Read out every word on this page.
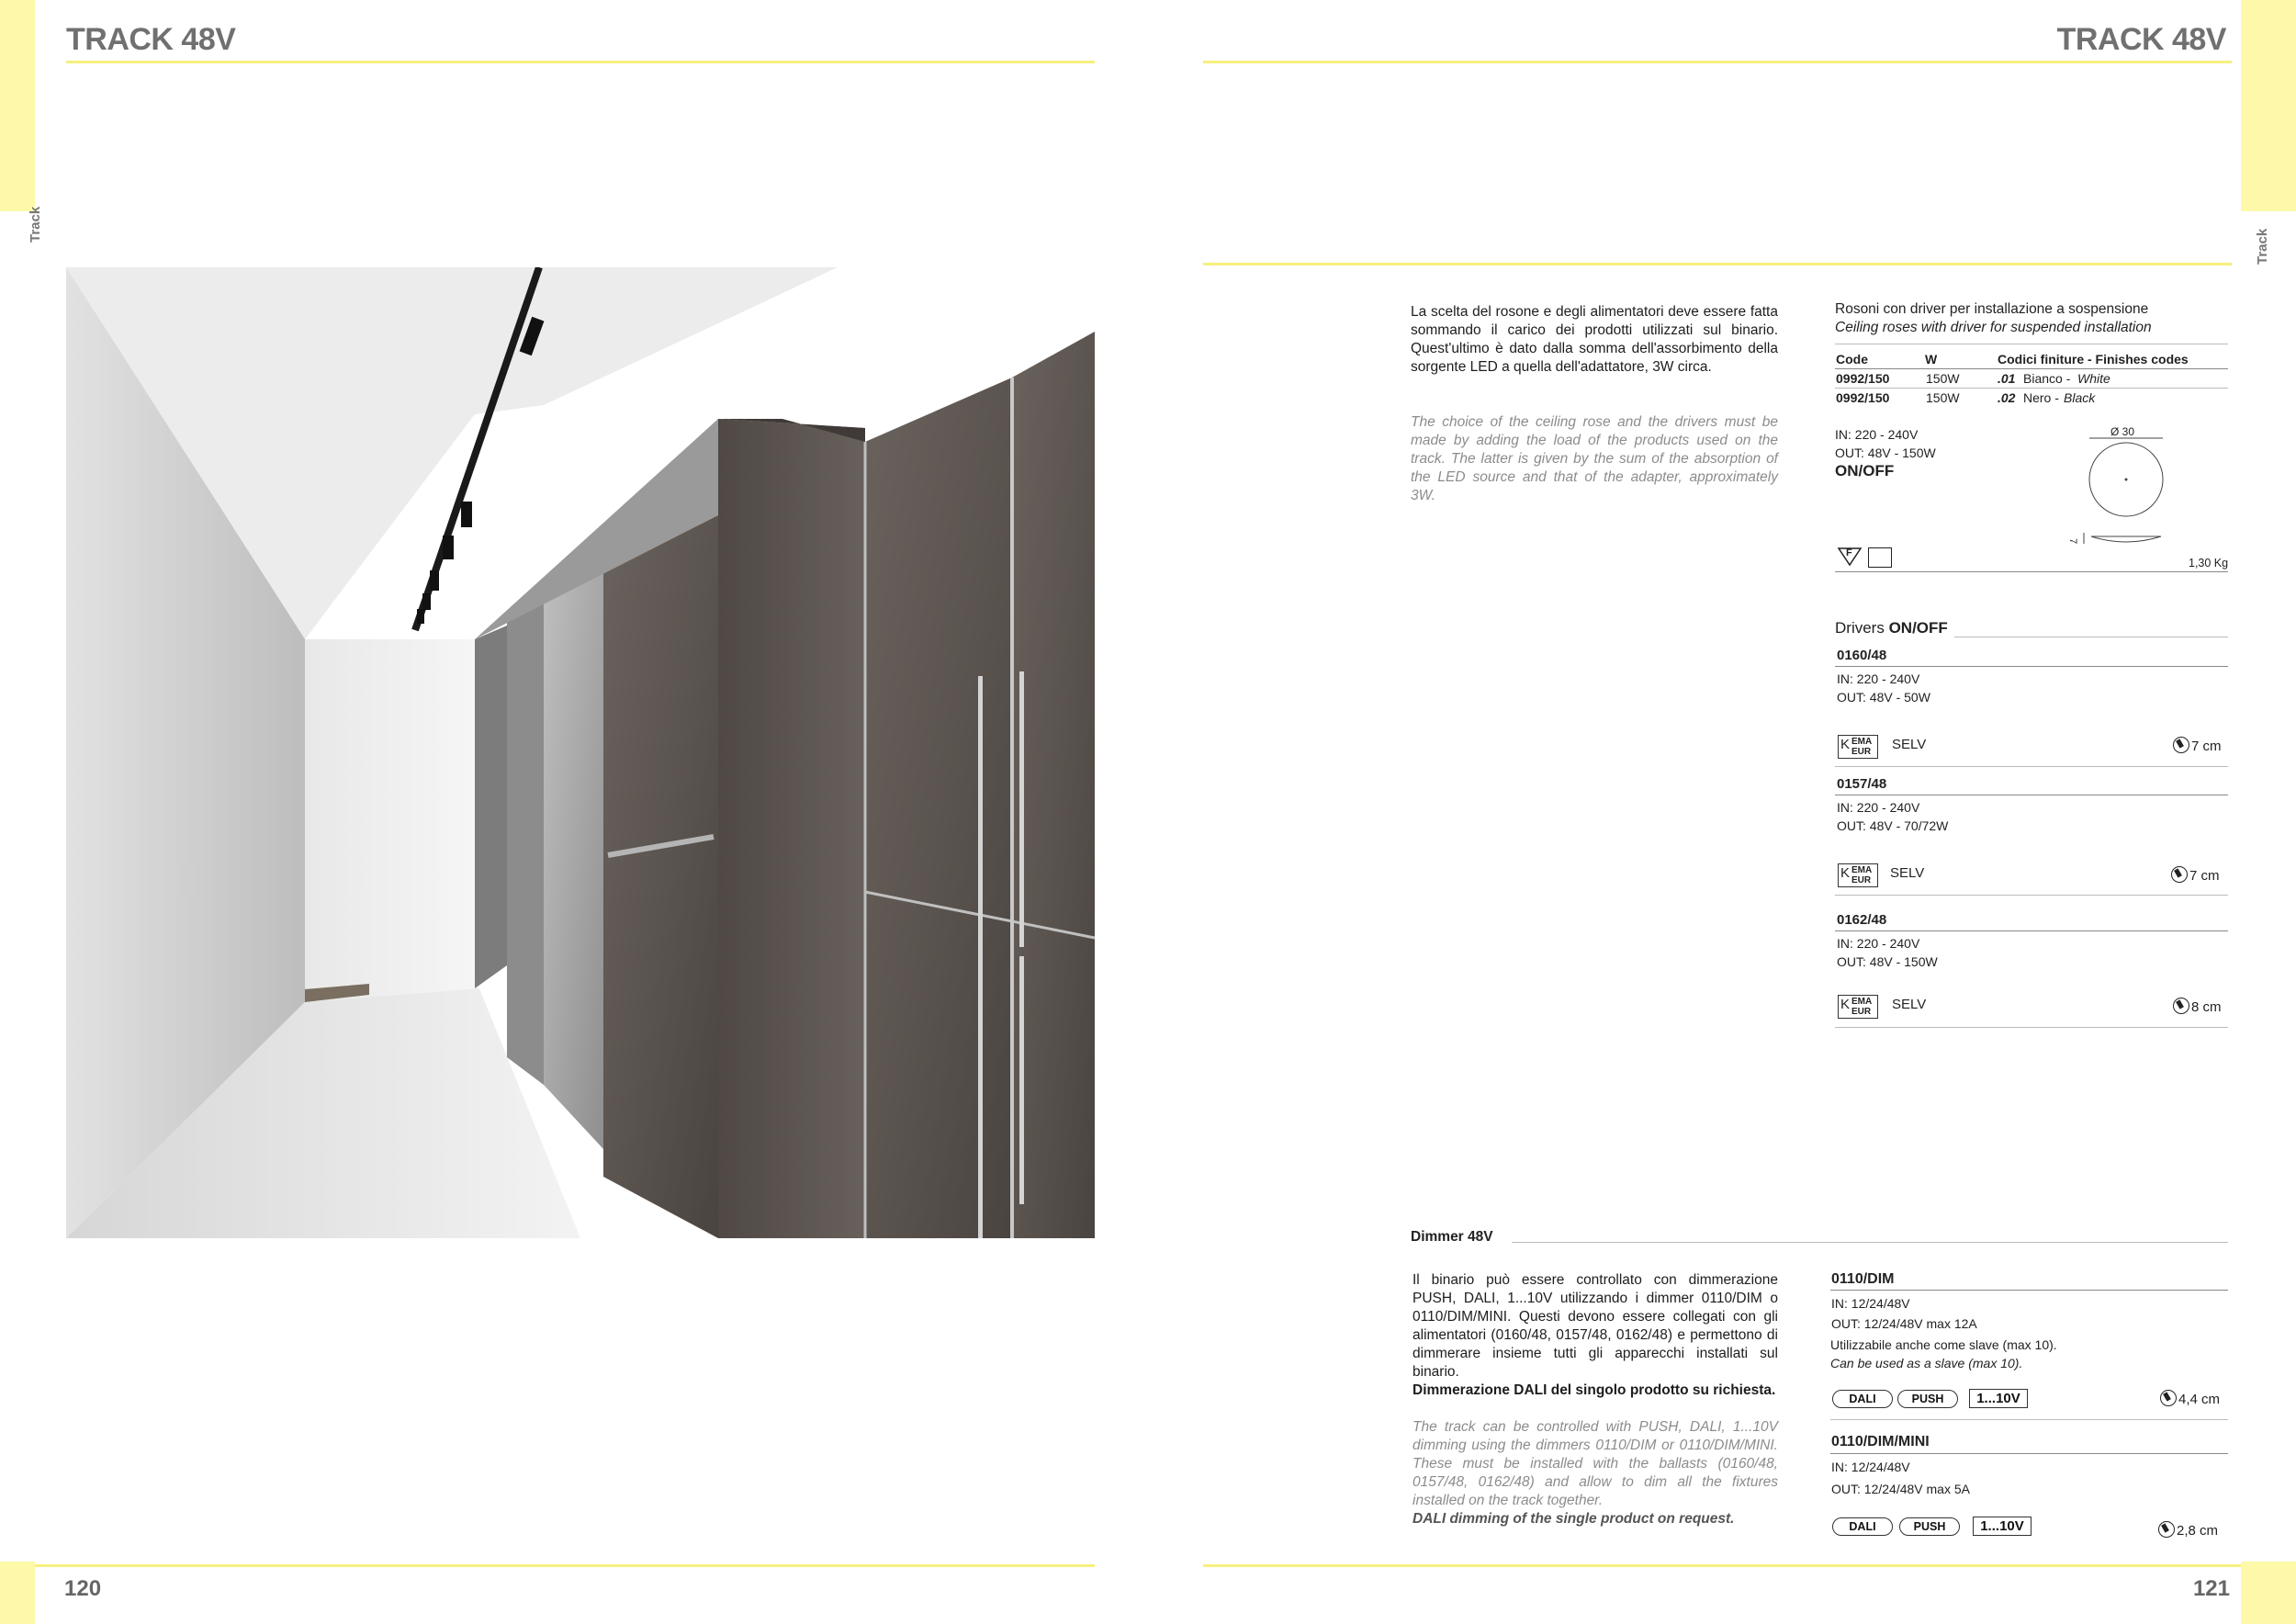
Track
Track
TRACK 48V	TRACK 48V
La scelta del rosone e degli alimentatori deve essere fatta sommando il carico dei prodotti utilizzati sul binario. Quest'ultimo è dato dalla somma dell'assorbimento della sorgente LED a quella dell'adattatore, 3W circa.
The choice of the ceiling rose and the drivers must be made by adding the load of the products used on the track. The latter is given by the sum of the absorption of the LED source and that of the adapter, approximately 3W.
Rosoni con driver per installazione a sospensione
Ceiling roses with driver for suspended installation
Code	W	Codici finiture - Finishes codes
0992/150	150W	.01 Bianco - White
0992/150	150W	.02 Nero - Black
IN: 220 - 240V
OUT: 48V - 150W
ON/OFF
Ø 30
7
F
1,30 Kg
Drivers ON/OFF
0160/48
IN: 220 - 240V
OUT: 48V - 50W
K EMA
EUR SELV	7 cm
0157/48
IN: 220 - 240V
OUT: 48V - 70/72W
K EMA
EUR SELV	7 cm
0162/48
IN: 220 - 240V
OUT: 48V - 150W
K EMA
EUR SELV	8 cm
Dimmer 48V
Il binario può essere controllato con dimmerazione PUSH, DALI, 1...10V utilizzando i dimmer 0110/DIM o 0110/DIM/MINI. Questi devono essere collegati con gli alimentatori (0160/48, 0157/48, 0162/48) e permettono di dimmerare insieme tutti gli apparecchi installati sul binario.
Dimmerazione DALI del singolo prodotto su richiesta.
The track can be controlled with PUSH, DALI, 1...10V dimming using the dimmers 0110/DIM or 0110/DIM/MINI. These must be installed with the ballasts (0160/48, 0157/48, 0162/48) and allow to dim all the fixtures installed on the track together.
DALI dimming of the single product on request.
0110/DIM
IN: 12/24/48V
OUT: 12/24/48V max 12A
Utilizzabile anche come slave (max 10).
Can be used as a slave (max 10).
DALI	PUSH	1...10V	4,4 cm
0110/DIM/MINI
IN: 12/24/48V
OUT: 12/24/48V max 5A
DALI	PUSH	1...10V	2,8 cm
120	121
